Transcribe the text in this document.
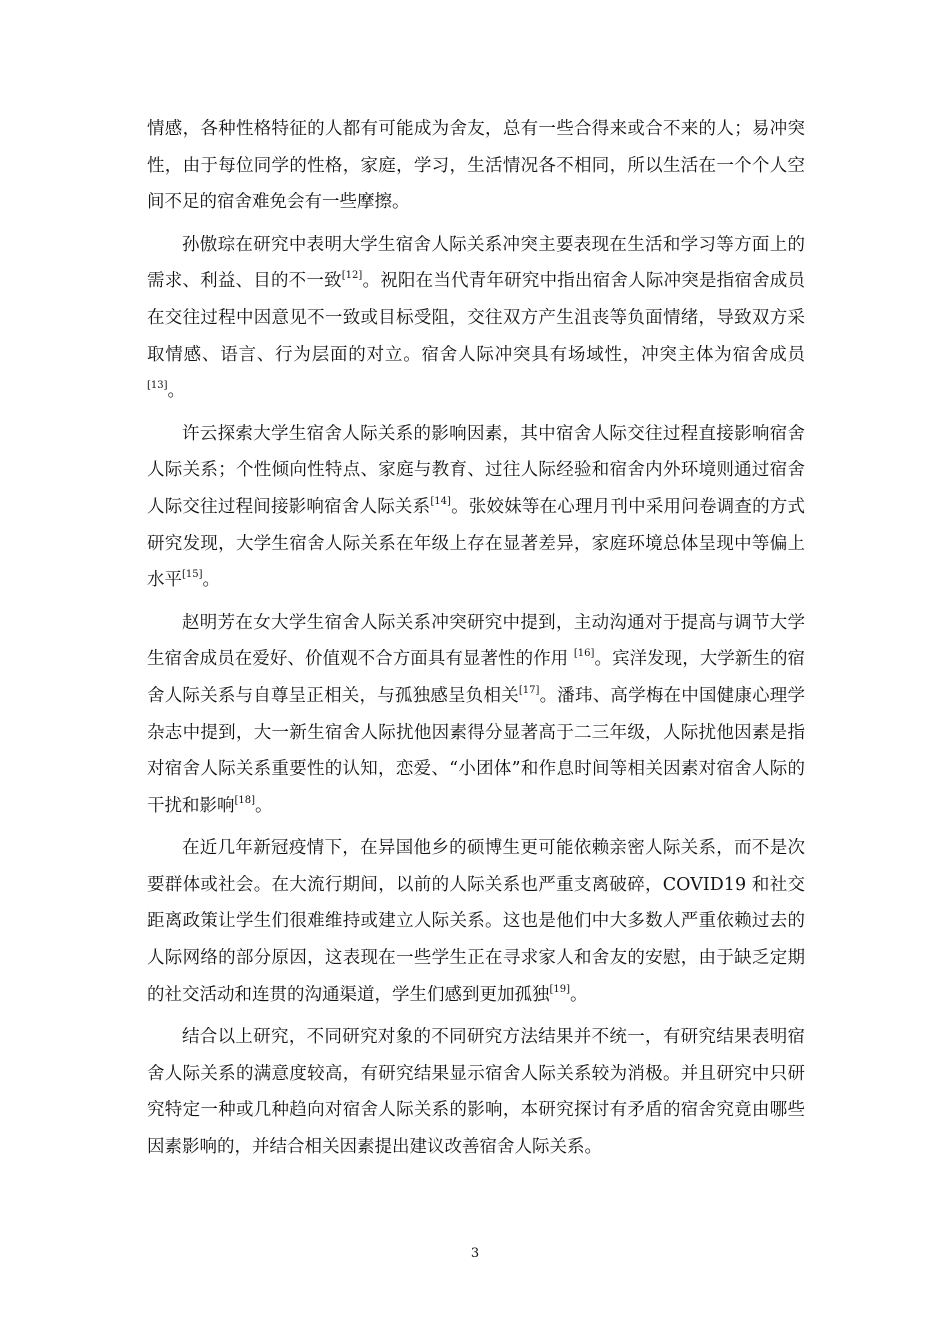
情感，各种性格特征的人都有可能成为舍友，总有一些合得来或合不来的人；易冲突性，由于每位同学的性格，家庭，学习，生活情况各不相同，所以生活在一个个人空间不足的宿舍难免会有一些摩擦。

孙傲琮在研究中表明大学生宿舍人际关系冲突主要表现在生活和学习等方面上的需求、利益、目的不一致[12]。祝阳在当代青年研究中指出宿舍人际冲突是指宿舍成员在交往过程中因意见不一致或目标受阻，交往双方产生沮丧等负面情绪，导致双方采取情感、语言、行为层面的对立。宿舍人际冲突具有场域性，冲突主体为宿舍成员[13]。

许云探索大学生宿舍人际关系的影响因素，其中宿舍人际交往过程直接影响宿舍人际关系；个性倾向性特点、家庭与教育、过往人际经验和宿舍内外环境则通过宿舍人际交往过程间接影响宿舍人际关系[14]。张姣妹等在心理月刊中采用问卷调查的方式研究发现，大学生宿舍人际关系在年级上存在显著差异，家庭环境总体呈现中等偏上水平[15]。

赵明芳在女大学生宿舍人际关系冲突研究中提到，主动沟通对于提高与调节大学生宿舍成员在爱好、价值观不合方面具有显著性的作用 [16]。宾洋发现，大学新生的宿舍人际关系与自尊呈正相关，与孤独感呈负相关[17]。潘玮、高学梅在中国健康心理学杂志中提到，大一新生宿舍人际扰他因素得分显著高于二三年级，人际扰他因素是指对宿舍人际关系重要性的认知，恋爱、“小团体”和作息时间等相关因素对宿舍人际的干扰和影响[18]。

在近几年新冠疫情下，在异国他乡的硕博生更可能依赖亲密人际关系，而不是次要群体或社会。在大流行期间，以前的人际关系也严重支离破碎，COVID19 和社交距离政策让学生们很难维持或建立人际关系。这也是他们中大多数人严重依赖过去的人际网络的部分原因，这表现在一些学生正在寻求家人和舍友的安慰，由于缺乏定期的社交活动和连贯的沟通渠道，学生们感到更加孤独[19]。

结合以上研究，不同研究对象的不同研究方法结果并不统一，有研究结果表明宿舍人际关系的满意度较高，有研究结果显示宿舍人际关系较为消极。并且研究中只研究特定一种或几种趋向对宿舍人际关系的影响，本研究探讨有矛盾的宿舍究竟由哪些因素影响的，并结合相关因素提出建议改善宿舍人际关系。

3
